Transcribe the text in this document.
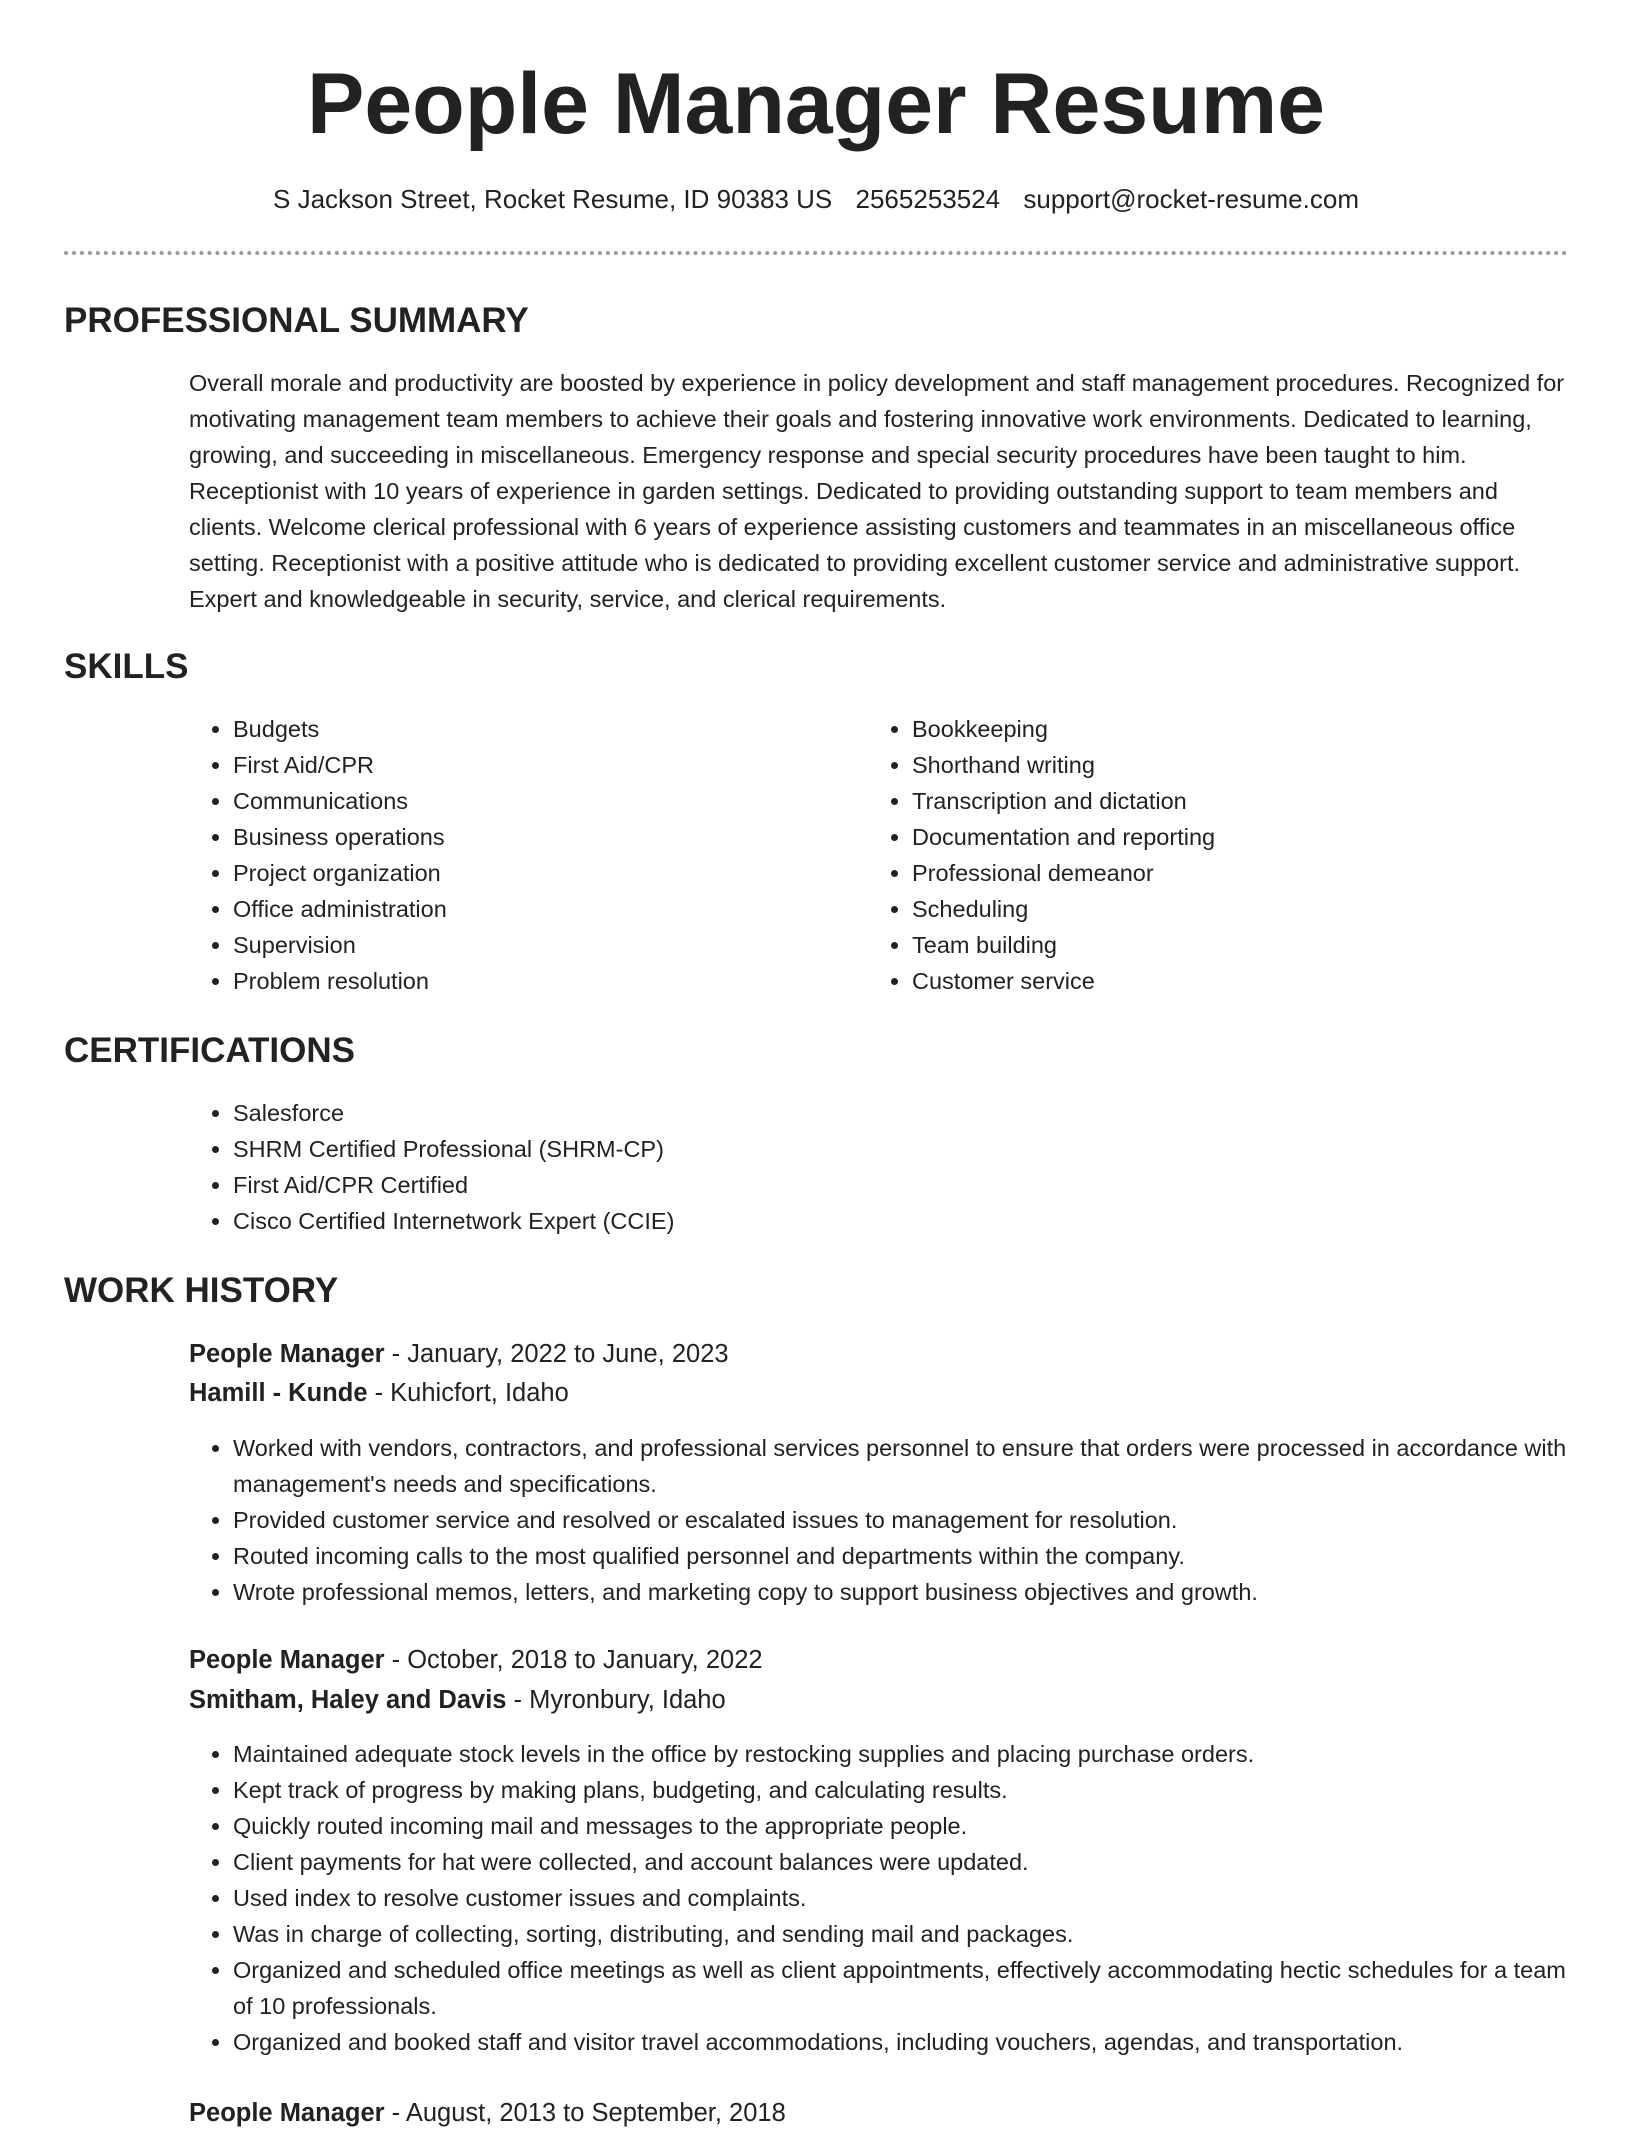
People Manager Resume
S Jackson Street, Rocket Resume, ID 90383 US 2565253524 support@rocket-resume.com
PROFESSIONAL SUMMARY

Overall morale and productivity are boosted by experience in policy development and staff management procedures. Recognized for motivating management team members to achieve their goals and fostering innovative work environments. Dedicated to learning, growing, and succeeding in miscellaneous. Emergency response and special security procedures have been taught to him. Receptionist with 10 years of experience in garden settings. Dedicated to providing outstanding support to team members and clients. Welcome clerical professional with 6 years of experience assisting customers and teammates in an miscellaneous office setting. Receptionist with a positive attitude who is dedicated to providing excellent customer service and administrative support. Expert and knowledgeable in security, service, and clerical requirements.

SKILLS
• Budgets
• First Aid/CPR
• Communications
• Business operations
• Project organization
• Office administration
• Supervision
• Problem resolution
• Bookkeeping
• Shorthand writing
• Transcription and dictation
• Documentation and reporting
• Professional demeanor
• Scheduling
• Team building
• Customer service
CERTIFICATIONS
• Salesforce
• SHRM Certified Professional (SHRM-CP)
• First Aid/CPR Certified
• Cisco Certified Internetwork Expert (CCIE)
WORK HISTORY
People Manager - January, 2022 to June, 2023
Hamill - Kunde - Kuhicfort, Idaho
• Worked with vendors, contractors, and professional services personnel to ensure that orders were processed in accordance with management's needs and specifications.
• Provided customer service and resolved or escalated issues to management for resolution.
• Routed incoming calls to the most qualified personnel and departments within the company.
• Wrote professional memos, letters, and marketing copy to support business objectives and growth.
People Manager - October, 2018 to January, 2022
Smitham, Haley and Davis - Myronbury, Idaho
• Maintained adequate stock levels in the office by restocking supplies and placing purchase orders.
• Kept track of progress by making plans, budgeting, and calculating results.
• Quickly routed incoming mail and messages to the appropriate people.
• Client payments for hat were collected, and account balances were updated.
• Used index to resolve customer issues and complaints.
• Was in charge of collecting, sorting, distributing, and sending mail and packages.
• Organized and scheduled office meetings as well as client appointments, effectively accommodating hectic schedules for a team of 10 professionals.
• Organized and booked staff and visitor travel accommodations, including vouchers, agendas, and transportation.
People Manager - August, 2013 to September, 2018
